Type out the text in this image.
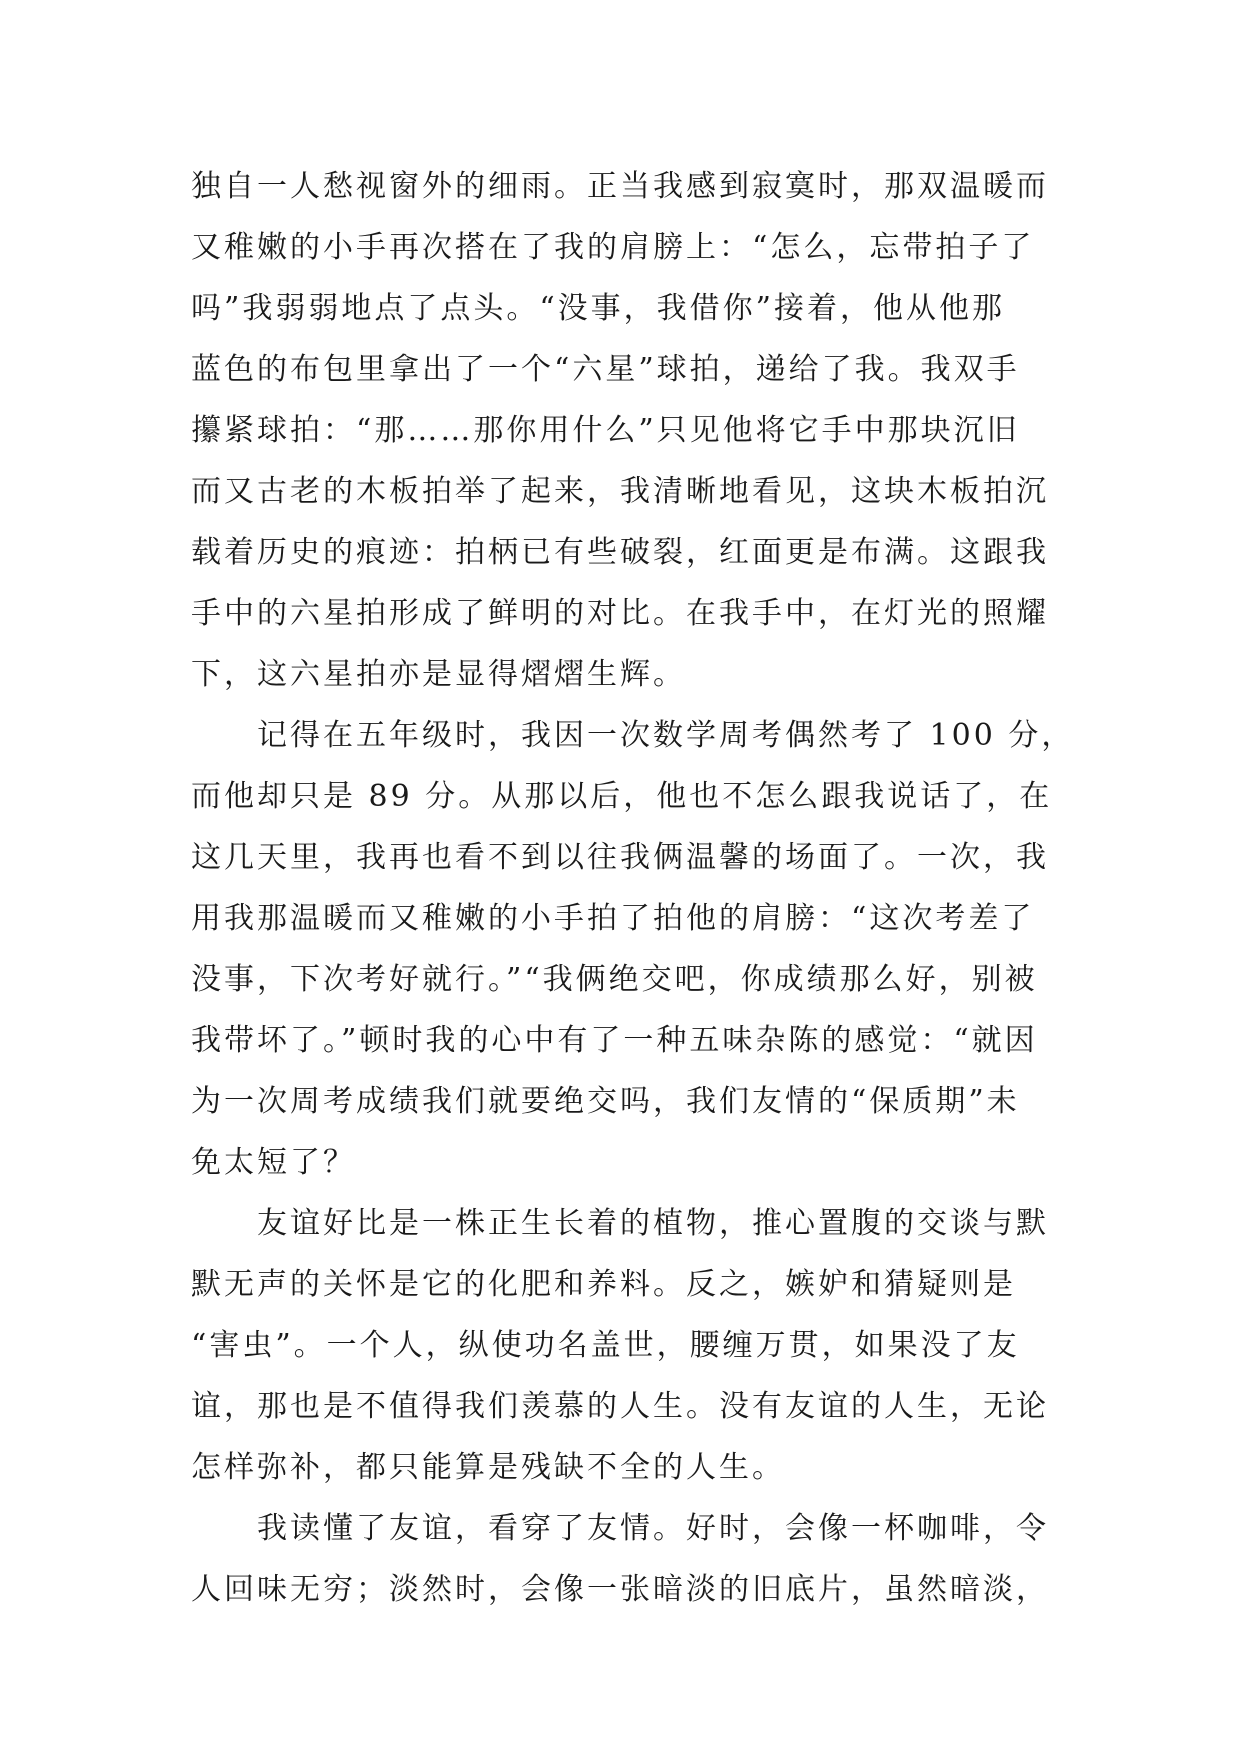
独自一人愁视窗外的细雨。正当我感到寂寞时，那双温暖而
又稚嫩的小手再次搭在了我的肩膀上：“怎么，忘带拍子了
吗”我弱弱地点了点头。“没事，我借你”接着，他从他那
蓝色的布包里拿出了一个“六星”球拍，递给了我。我双手
攥紧球拍：“那……那你用什么”只见他将它手中那块沉旧
而又古老的木板拍举了起来，我清晰地看见，这块木板拍沉
载着历史的痕迹：拍柄已有些破裂，红面更是布满。这跟我
手中的六星拍形成了鲜明的对比。在我手中，在灯光的照耀
下，这六星拍亦是显得熠熠生辉。
记得在五年级时，我因一次数学周考偶然考了 100 分，
而他却只是 89 分。从那以后，他也不怎么跟我说话了，在
这几天里，我再也看不到以往我俩温馨的场面了。一次，我
用我那温暖而又稚嫩的小手拍了拍他的肩膀：“这次考差了
没事，下次考好就行。”“我俩绝交吧，你成绩那么好，别被
我带坏了。”顿时我的心中有了一种五味杂陈的感觉：“就因
为一次周考成绩我们就要绝交吗，我们友情的“保质期”未
免太短了？
友谊好比是一株正生长着的植物，推心置腹的交谈与默
默无声的关怀是它的化肥和养料。反之，嫉妒和猜疑则是
“害虫”。一个人，纵使功名盖世，腰缠万贯，如果没了友
谊，那也是不值得我们羡慕的人生。没有友谊的人生，无论
怎样弥补，都只能算是残缺不全的人生。
我读懂了友谊，看穿了友情。好时，会像一杯咖啡，令
人回味无穷；淡然时，会像一张暗淡的旧底片，虽然暗淡，
